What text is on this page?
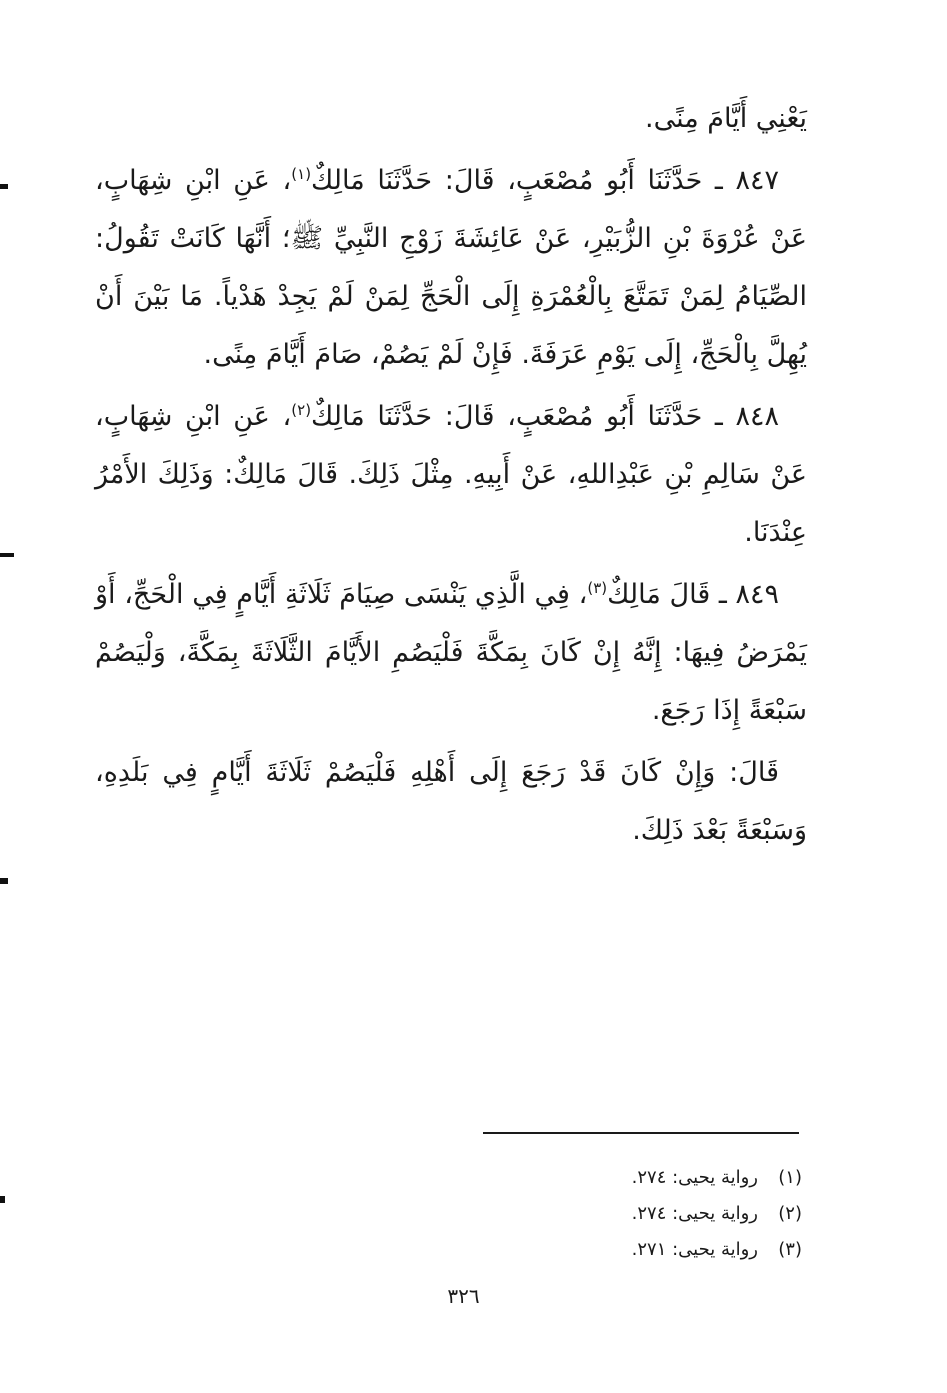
يَعْنِي أَيَّامَ مِنًى.

٨٤٧ ـ حَدَّثَنَا أَبُو مُصْعَبٍ، قَالَ: حَدَّثَنَا مَالِكٌ$^{(١)}$، عَنِ ابْنِ شِهَابٍ، عَنْ عُرْوَةَ بْنِ الزُّبَيْرِ، عَنْ عَائِشَةَ زَوْجِ النَّبِيِّ ﷺ؛ أَنَّهَا كَانَتْ تَقُولُ: الصِّيَامُ لِمَنْ تَمَتَّعَ بِالْعُمْرَةِ إِلَى الْحَجِّ لِمَنْ لَمْ يَجِدْ هَدْياً. مَا بَيْنَ أَنْ يُهِلَّ بِالْحَجِّ، إِلَى يَوْمِ عَرَفَةَ. فَإِنْ لَمْ يَصُمْ، صَامَ أَيَّامَ مِنًى.

٨٤٨ ـ حَدَّثَنَا أَبُو مُصْعَبٍ، قَالَ: حَدَّثَنَا مَالِكٌ$^{(٢)}$، عَنِ ابْنِ شِهَابٍ، عَنْ سَالِمِ بْنِ عَبْدِاللهِ، عَنْ أَبِيهِ. مِثْلَ ذَلِكَ. قَالَ مَالِكٌ: وَذَلِكَ الأَمْرُ عِنْدَنَا.

٨٤٩ ـ قَالَ مَالِكٌ$^{(٣)}$، فِي الَّذِي يَنْسَى صِيَامَ ثَلَاثَةِ أَيَّامٍ فِي الْحَجِّ، أَوْ يَمْرَضُ فِيهَا: إِنَّهُ إِنْ كَانَ بِمَكَّةَ فَلْيَصُمِ الأَيَّامَ الثَّلَاثَةَ بِمَكَّةَ، وَلْيَصُمْ سَبْعَةً إِذَا رَجَعَ.

قَالَ: وَإِنْ كَانَ قَدْ رَجَعَ إِلَى أَهْلِهِ فَلْيَصُمْ ثَلَاثَةَ أَيَّامٍ فِي بَلَدِهِ، وَسَبْعَةً بَعْدَ ذَلِكَ.

(١)رواية يحيى: ٢٧٤.
(٢)رواية يحيى: ٢٧٤.
(٣)رواية يحيى: ٢٧١.
٣٢٦
